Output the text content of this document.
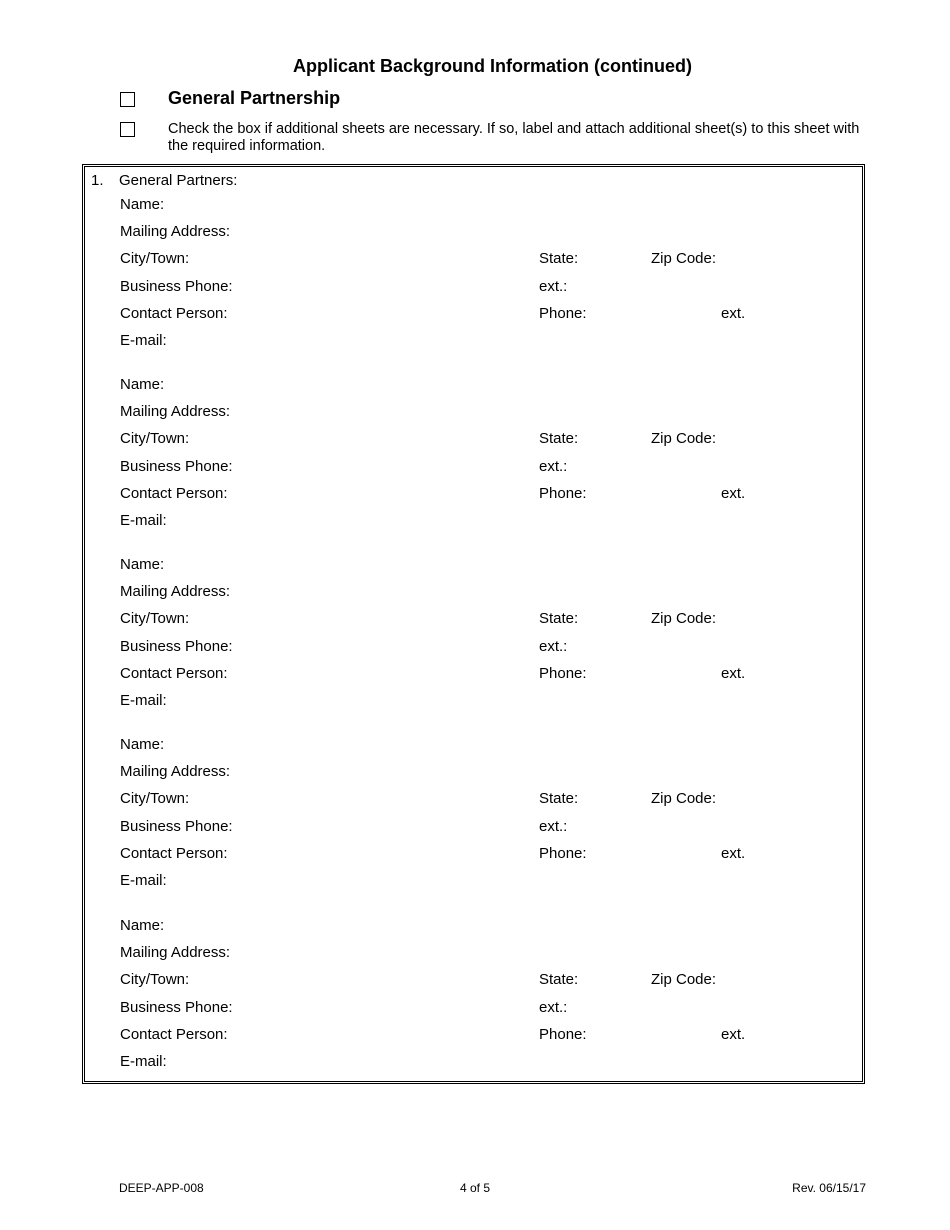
Applicant Background Information (continued)
General Partnership
Check the box if additional sheets are necessary. If so, label and attach additional sheet(s) to this sheet with the required information.
1. General Partners:
Name:
Mailing Address:
City/Town:	State:	Zip Code:
Business Phone:	ext.:
Contact Person:	Phone:	ext.
E-mail:
Name:
Mailing Address:
City/Town:	State:	Zip Code:
Business Phone:	ext.:
Contact Person:	Phone:	ext.
E-mail:
Name:
Mailing Address:
City/Town:	State:	Zip Code:
Business Phone:	ext.:
Contact Person:	Phone:	ext.
E-mail:
Name:
Mailing Address:
City/Town:	State:	Zip Code:
Business Phone:	ext.:
Contact Person:	Phone:	ext.
E-mail:
Name:
Mailing Address:
City/Town:	State:	Zip Code:
Business Phone:	ext.:
Contact Person:	Phone:	ext.
E-mail:
DEEP-APP-008	4 of 5	Rev. 06/15/17
